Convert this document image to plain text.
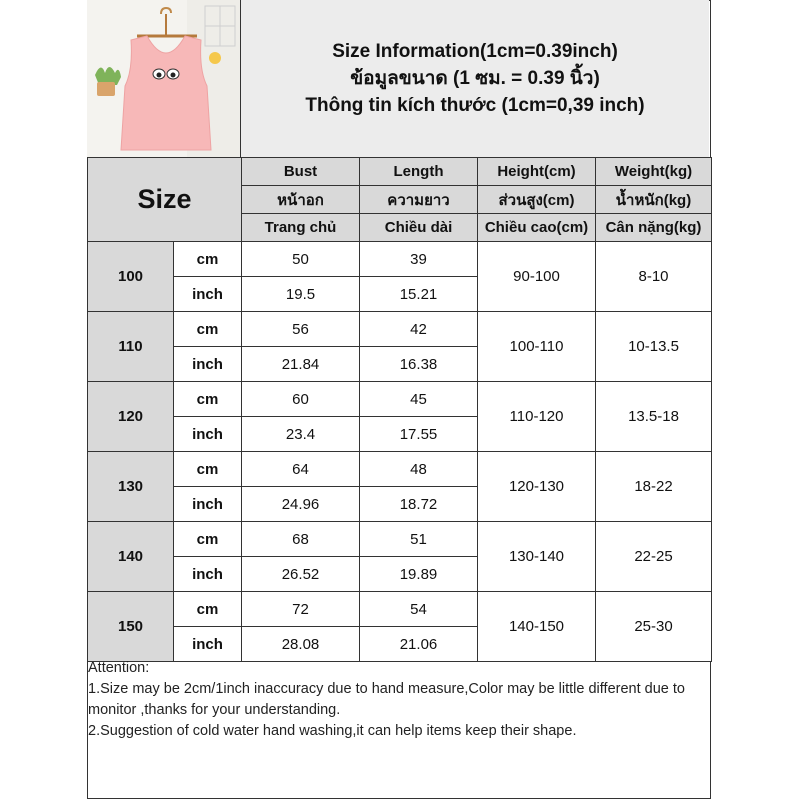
Size Information(1cm=0.39inch)
ข้อมูลขนาด (1 ซม. = 0.39 นิ้ว)
Thông tin kích thước (1cm=0,39 inch)
Size		Bust	Length	Height(cm)	Weight(kg)
		หน้าอก	ความยาว	ส่วนสูง(cm)	น้ำหนัก(kg)
		Trang chủ	Chiều dài	Chiều cao(cm)	Cân nặng(kg)
100	cm	50	39	90-100	8-10
	inch	19.5	15.21		
110	cm	56	42	100-110	10-13.5
	inch	21.84	16.38		
120	cm	60	45	110-120	13.5-18
	inch	23.4	17.55		
130	cm	64	48	120-130	18-22
	inch	24.96	18.72		
140	cm	68	51	130-140	22-25
	inch	26.52	19.89		
150	cm	72	54	140-150	25-30
	inch	28.08	21.06		
Attention:
1.Size may be 2cm/1inch inaccuracy due to hand measure,Color may be little different due to monitor ,thanks for your understanding.
2.Suggestion of cold water hand washing,it can help items keep their shape.
